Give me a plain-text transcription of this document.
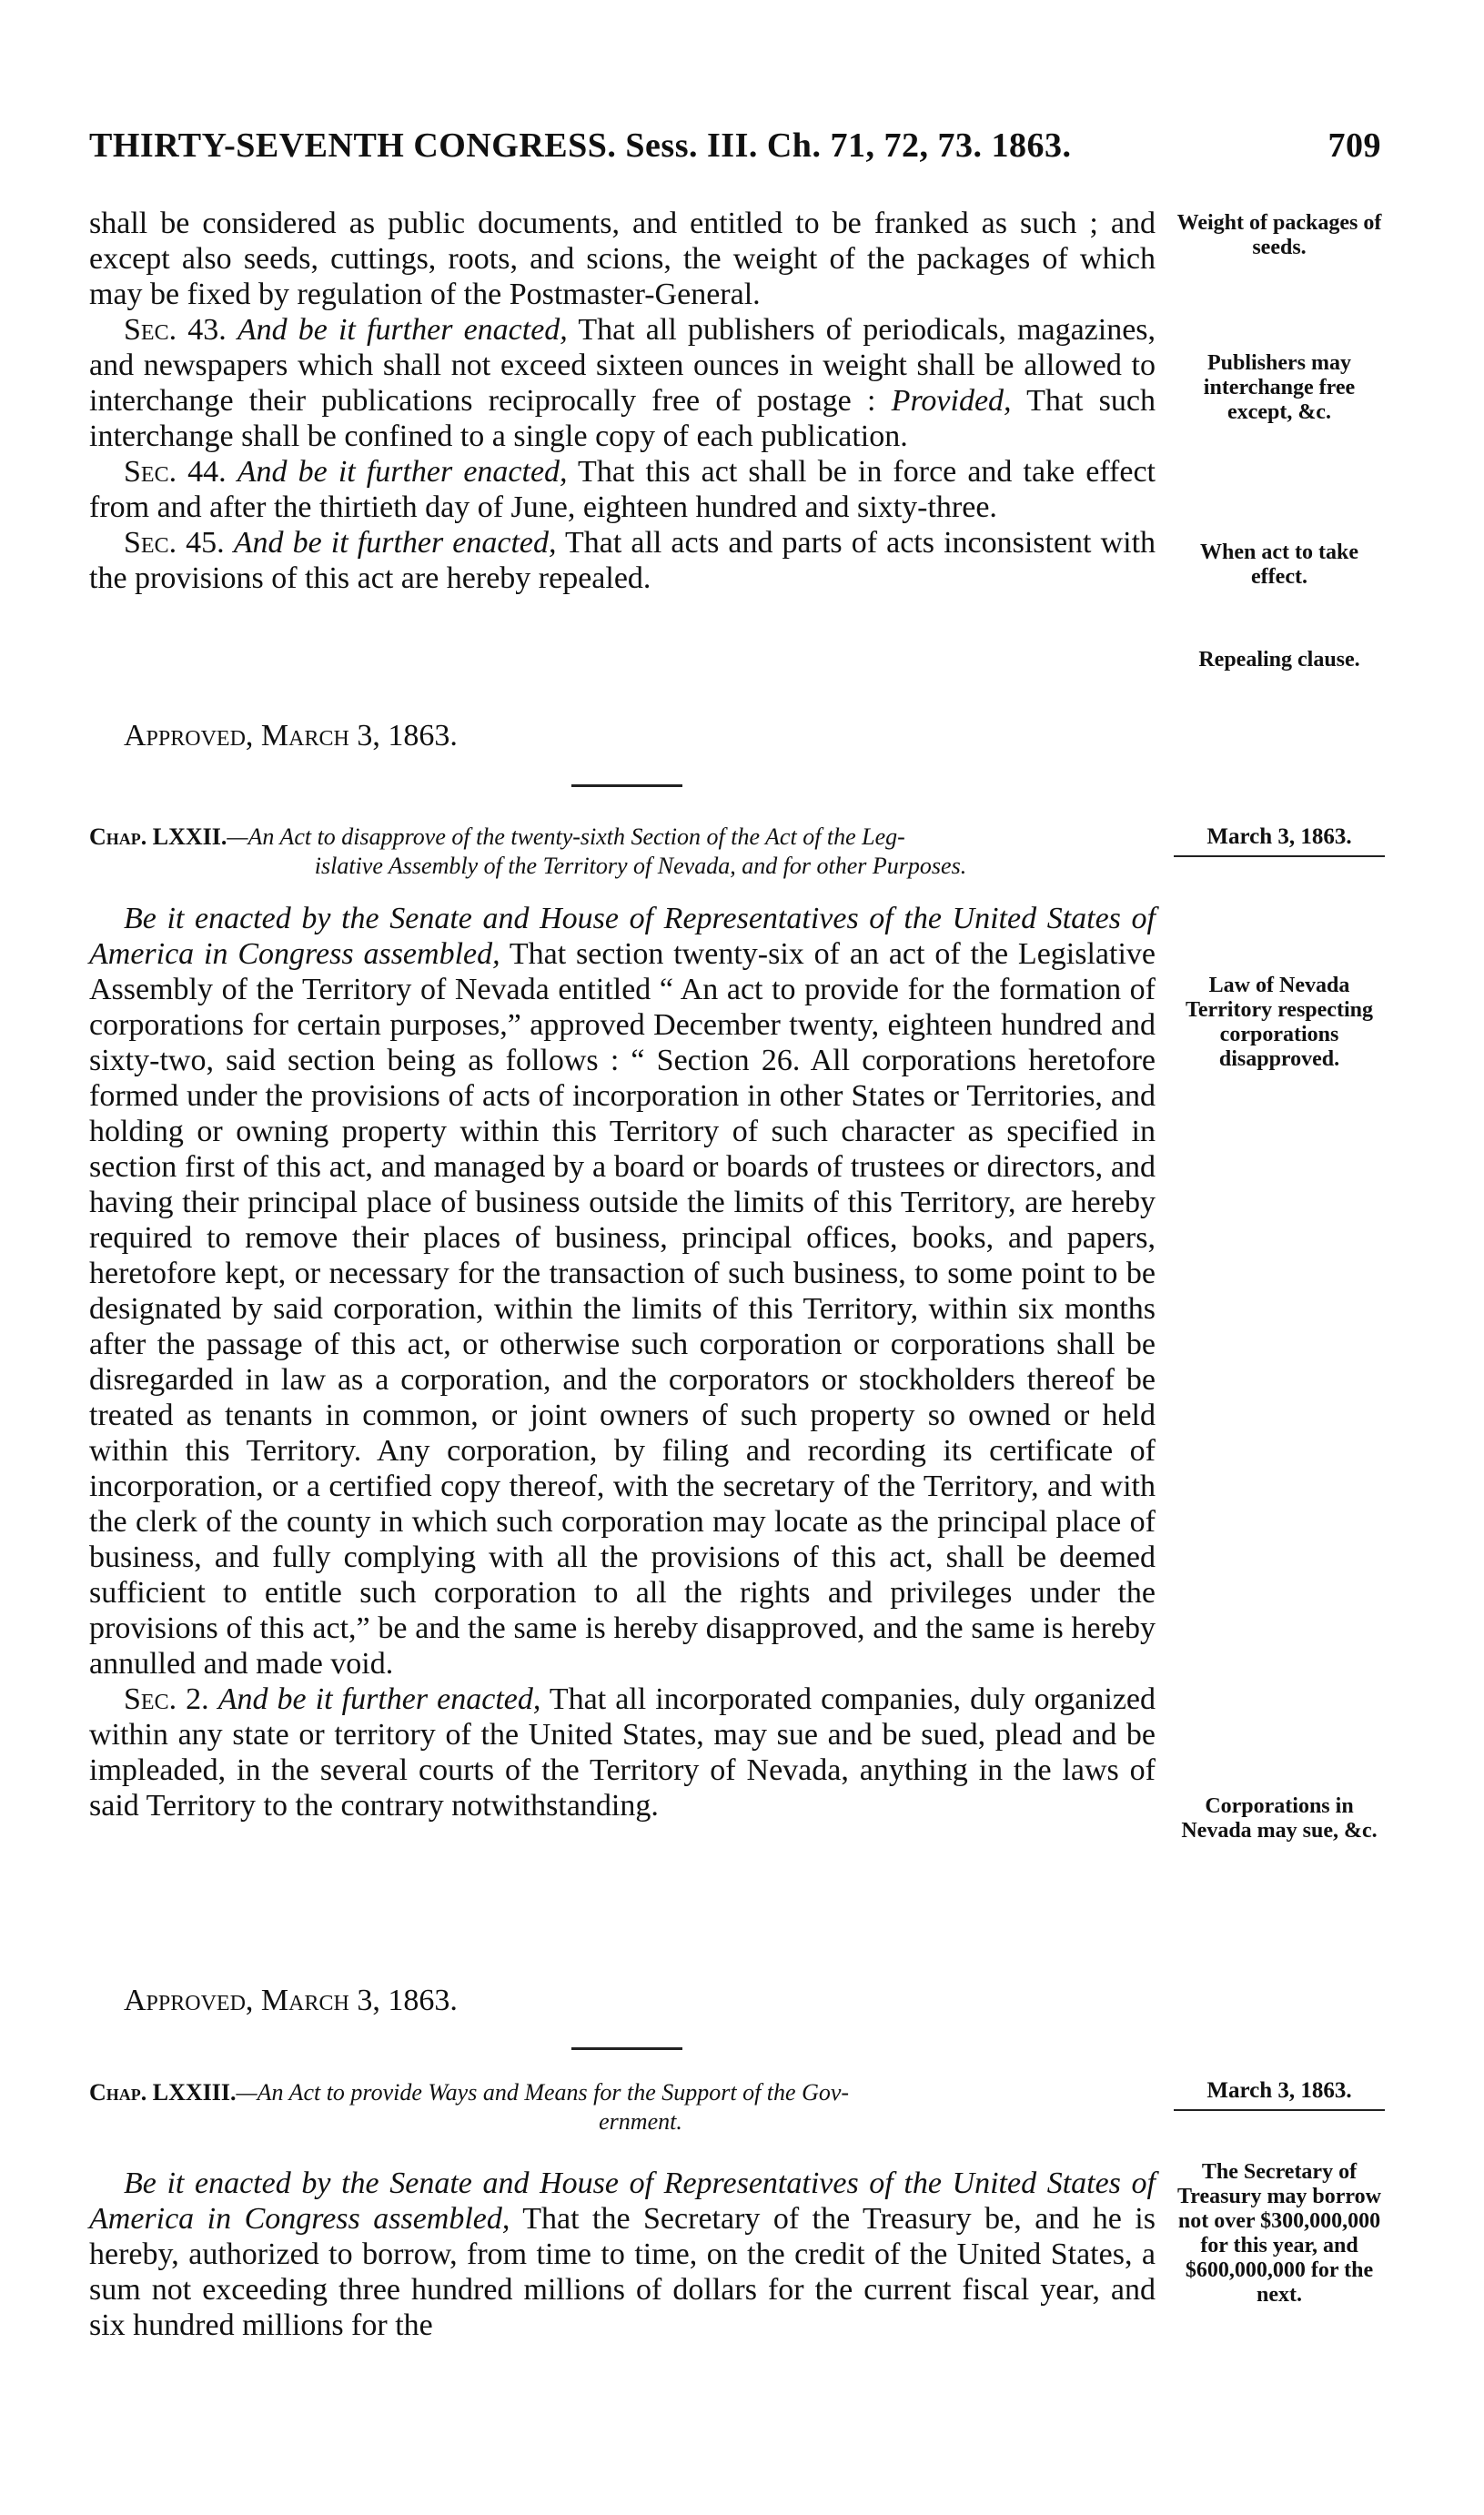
THIRTY-SEVENTH CONGRESS. Sess. III. Ch. 71, 72, 73. 1863.	709

shall be considered as public documents, and entitled to be franked as such ; and except also seeds, cuttings, roots, and scions, the weight of the packages of which may be fixed by regulation of the Postmaster-General.

Sec. 43. And be it further enacted, That all publishers of periodicals, magazines, and newspapers which shall not exceed sixteen ounces in weight shall be allowed to interchange their publications reciprocally free of postage : Provided, That such interchange shall be confined to a single copy of each publication.

Sec. 44. And be it further enacted, That this act shall be in force and take effect from and after the thirtieth day of June, eighteen hundred and sixty-three.

Sec. 45. And be it further enacted, That all acts and parts of acts inconsistent with the provisions of this act are hereby repealed.

Approved, March 3, 1863.
Weight of packages of seeds.
Publishers may interchange free except, &c.
When act to take effect.
Repealing clause.
Chap. LXXII.—An Act to disapprove of the twenty-sixth Section of the Act of the Leg-
islative Assembly of the Territory of Nevada, and for other Purposes.
March 3, 1863.

Be it enacted by the Senate and House of Representatives of the United States of America in Congress assembled, That section twenty-six of an act of the Legislative Assembly of the Territory of Nevada entitled “ An act to provide for the formation of corporations for certain purposes,” approved December twenty, eighteen hundred and sixty-two, said section being as follows : “ Section 26. All corporations heretofore formed under the provisions of acts of incorporation in other States or Territories, and holding or owning property within this Territory of such character as specified in section first of this act, and managed by a board or boards of trustees or directors, and having their principal place of business outside the limits of this Territory, are hereby required to remove their places of business, principal offices, books, and papers, heretofore kept, or necessary for the transaction of such business, to some point to be designated by said corporation, within the limits of this Territory, within six months after the passage of this act, or otherwise such corporation or corporations shall be disregarded in law as a corporation, and the corporators or stockholders thereof be treated as tenants in common, or joint owners of such property so owned or held within this Territory. Any corporation, by filing and recording its certificate of incorporation, or a certified copy thereof, with the secretary of the Territory, and with the clerk of the county in which such corporation may locate as the principal place of business, and fully complying with all the provisions of this act, shall be deemed sufficient to entitle such corporation to all the rights and privileges under the provisions of this act,” be and the same is hereby disapproved, and the same is hereby annulled and made void.

Sec. 2. And be it further enacted, That all incorporated companies, duly organized within any state or territory of the United States, may sue and be sued, plead and be impleaded, in the several courts of the Territory of Nevada, anything in the laws of said Territory to the contrary notwithstanding.

Approved, March 3, 1863.
Law of Nevada Territory respecting corporations disapproved.
Corporations in Nevada may sue, &c.
Chap. LXXIII.—An Act to provide Ways and Means for the Support of the Gov-
ernment.
March 3, 1863.

Be it enacted by the Senate and House of Representatives of the United States of America in Congress assembled, That the Secretary of the Treasury be, and he is hereby, authorized to borrow, from time to time, on the credit of the United States, a sum not exceeding three hundred millions of dollars for the current fiscal year, and six hundred millions for the

The Secretary of Treasury may borrow not over $300,000,000 for this year, and $600,000,000 for the next.
